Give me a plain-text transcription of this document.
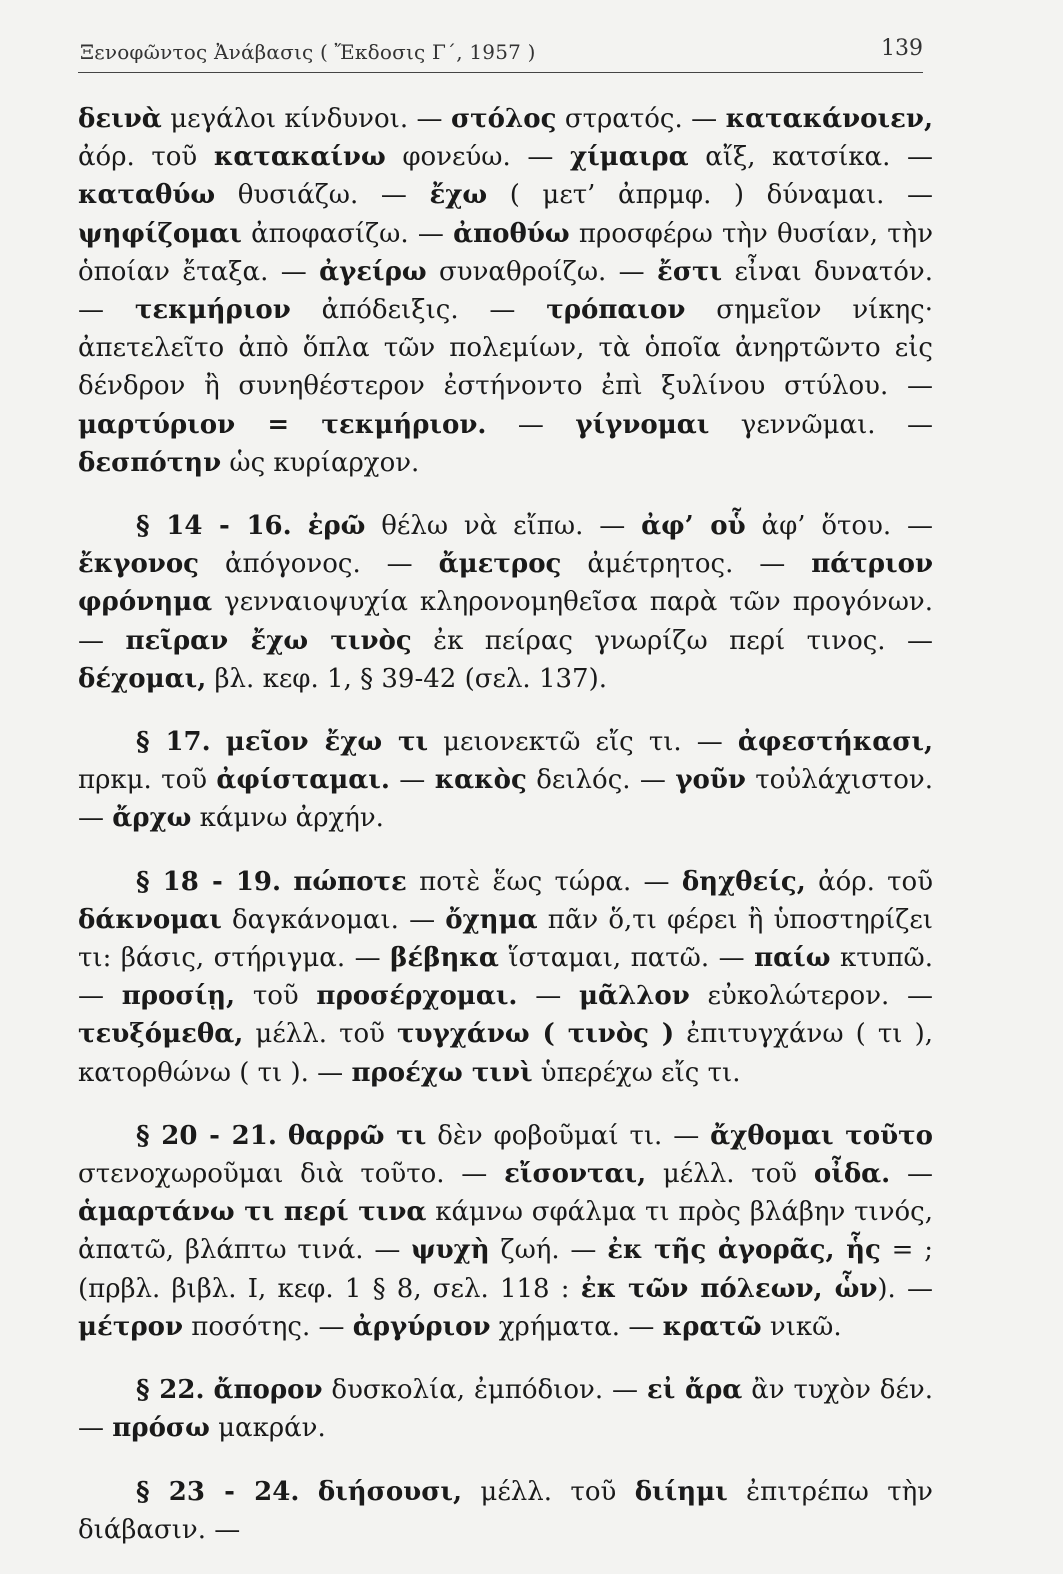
Ξενοφῶντος Ἀνάβασις ( Ἔκδοσις Γ΄, 1957 )	139

δεινὰ μεγάλοι κίνδυνοι. — στόλος στρατός. — κατακάνοιεν, ἀόρ. τοῦ κατακαίνω φονεύω. — χίμαιρα αἴξ, κατσίκα. — καταθύω θυσιάζω. — ἔχω ( μετ’ ἀπρμφ. ) δύναμαι. — ψηφίζομαι ἀποφασίζω. — ἀποθύω προσφέρω τὴν θυσίαν, τὴν ὁποίαν ἔταξα. — ἀγείρω συναθροίζω. — ἔστι εἶναι δυνατόν. — τεκμήριον ἀπόδειξις. — τρόπαιον σημεῖον νίκης· ἀπετελεῖτο ἀπὸ ὅπλα τῶν πολεμίων, τὰ ὁποῖα ἀνηρτῶντο εἰς δένδρον ἢ συνηθέστερον ἐστήνοντο ἐπὶ ξυλίνου στύλου. — μαρτύριον = τεκμήριον. — γίγνομαι γεννῶμαι. — δεσπότην ὡς κυρίαρχον.

§ 14 - 16. ἐρῶ θέλω νὰ εἴπω. — ἀφ’ οὗ ἀφ’ ὅτου. — ἔκγονος ἀπόγονος. — ἄμετρος ἀμέτρητος. — πάτριον φρόνημα γενναιοψυχία κληρονομηθεῖσα παρὰ τῶν προγόνων. — πεῖραν ἔχω τινὸς ἐκ πείρας γνωρίζω περί τινος. — δέχομαι, βλ. κεφ. 1, § 39-42 (σελ. 137).

§ 17. μεῖον ἔχω τι μειονεκτῶ εἴς τι. — ἀφεστήκασι, πρκμ. τοῦ ἀφίσταμαι. — κακὸς δειλός. — γοῦν τοὐλάχιστον. — ἄρχω κάμνω ἀρχήν.

§ 18 - 19. πώποτε ποτὲ ἕως τώρα. — δηχθείς, ἀόρ. τοῦ δάκνομαι δαγκάνομαι. — ὄχημα πᾶν ὅ,τι φέρει ἢ ὑποστηρίζει τι: βάσις, στήριγμα. — βέβηκα ἵσταμαι, πατῶ. — παίω κτυπῶ. — προσίῃ, τοῦ προσέρχομαι. — μᾶλλον εὐκολώτερον. — τευξόμεθα, μέλλ. τοῦ τυγχάνω ( τινὸς ) ἐπιτυγχάνω ( τι ), κατορθώνω ( τι ). — προέχω τινὶ ὑπερέχω εἴς τι.

§ 20 - 21. θαρρῶ τι δὲν φοβοῦμαί τι. — ἄχθομαι τοῦτο στενοχωροῦμαι διὰ τοῦτο. — εἴσονται, μέλλ. τοῦ οἶδα. — ἁμαρτάνω τι περί τινα κάμνω σφάλμα τι πρὸς βλάβην τινός, ἀπατῶ, βλάπτω τινά. — ψυχὴ ζωή. — ἐκ τῆς ἀγορᾶς, ἧς = ; (πρβλ. βιβλ. Ι, κεφ. 1 § 8, σελ. 118 : ἐκ τῶν πόλεων, ὧν). — μέτρον ποσότης. — ἀργύριον χρήματα. — κρατῶ νικῶ.

§ 22. ἄπορον δυσκολία, ἐμπόδιον. — εἰ ἄρα ἂν τυχὸν δέν. — πρόσω μακράν.

§ 23 - 24. διήσουσι, μέλλ. τοῦ διίημι ἐπιτρέπω τὴν διάβασιν. —
